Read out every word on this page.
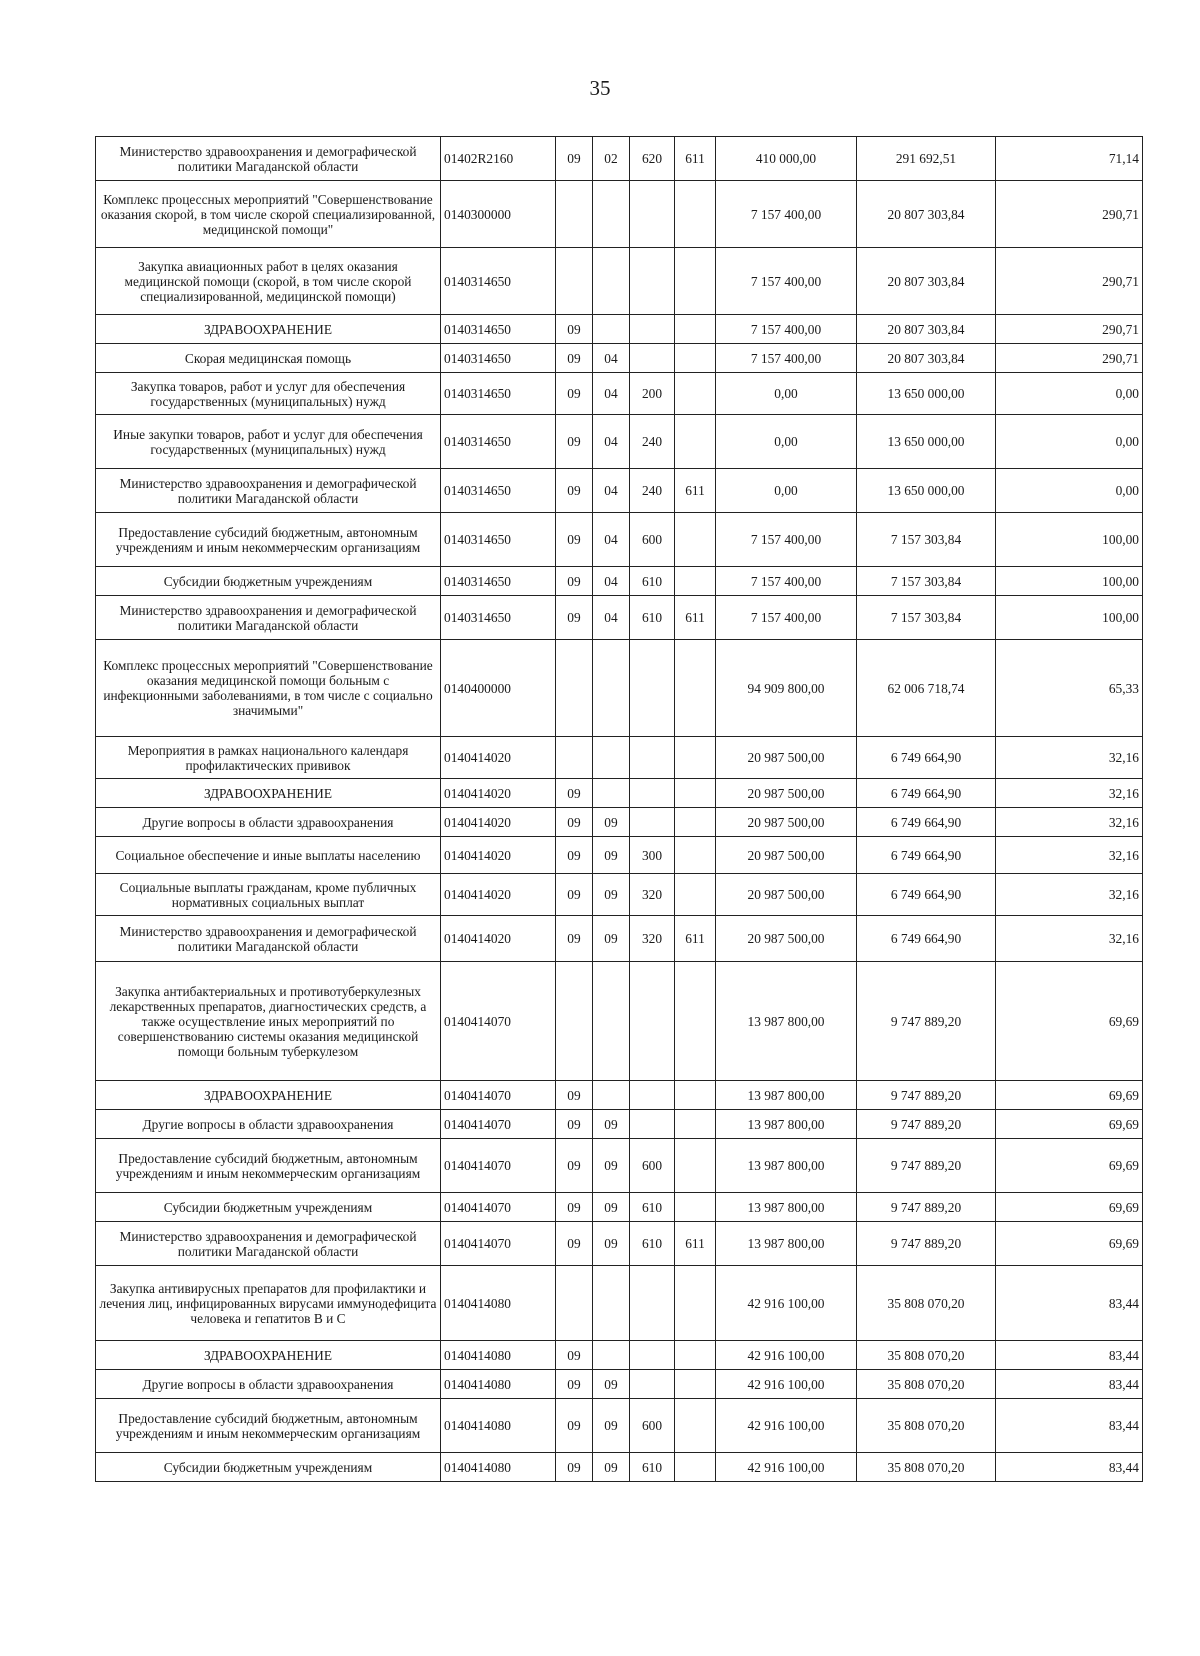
35
Министерство здравоохранения и демографической политики Магаданской области	01402R2160	09	02	620	611	410 000,00	291 692,51	71,14
Комплекс процессных мероприятий "Совершенствование оказания скорой, в том числе скорой специализированной, медицинской помощи"	0140300000					7 157 400,00	20 807 303,84	290,71
Закупка авиационных работ в целях оказания медицинской помощи (скорой, в том числе скорой специализированной, медицинской помощи)	0140314650					7 157 400,00	20 807 303,84	290,71
ЗДРАВООХРАНЕНИЕ	0140314650	09				7 157 400,00	20 807 303,84	290,71
Скорая медицинская помощь	0140314650	09	04			7 157 400,00	20 807 303,84	290,71
Закупка товаров, работ и услуг для обеспечения государственных (муниципальных) нужд	0140314650	09	04	200		0,00	13 650 000,00	0,00
Иные закупки товаров, работ и услуг для обеспечения государственных (муниципальных) нужд	0140314650	09	04	240		0,00	13 650 000,00	0,00
Министерство здравоохранения и демографической политики Магаданской области	0140314650	09	04	240	611	0,00	13 650 000,00	0,00
Предоставление субсидий бюджетным, автономным учреждениям и иным некоммерческим организациям	0140314650	09	04	600		7 157 400,00	7 157 303,84	100,00
Субсидии бюджетным учреждениям	0140314650	09	04	610		7 157 400,00	7 157 303,84	100,00
Министерство здравоохранения и демографической политики Магаданской области	0140314650	09	04	610	611	7 157 400,00	7 157 303,84	100,00
Комплекс процессных мероприятий "Совершенствование оказания медицинской помощи больным с инфекционными заболеваниями, в том числе с социально значимыми"	0140400000					94 909 800,00	62 006 718,74	65,33
Мероприятия в рамках национального календаря профилактических прививок	0140414020					20 987 500,00	6 749 664,90	32,16
ЗДРАВООХРАНЕНИЕ	0140414020	09				20 987 500,00	6 749 664,90	32,16
Другие вопросы в области здравоохранения	0140414020	09	09			20 987 500,00	6 749 664,90	32,16
Социальное обеспечение и иные выплаты населению	0140414020	09	09	300		20 987 500,00	6 749 664,90	32,16
Социальные выплаты гражданам, кроме публичных нормативных социальных выплат	0140414020	09	09	320		20 987 500,00	6 749 664,90	32,16
Министерство здравоохранения и демографической политики Магаданской области	0140414020	09	09	320	611	20 987 500,00	6 749 664,90	32,16
Закупка антибактериальных и противотуберкулезных лекарственных препаратов, диагностических средств, а также осуществление иных мероприятий по совершенствованию системы оказания медицинской помощи больным туберкулезом	0140414070					13 987 800,00	9 747 889,20	69,69
ЗДРАВООХРАНЕНИЕ	0140414070	09				13 987 800,00	9 747 889,20	69,69
Другие вопросы в области здравоохранения	0140414070	09	09			13 987 800,00	9 747 889,20	69,69
Предоставление субсидий бюджетным, автономным учреждениям и иным некоммерческим организациям	0140414070	09	09	600		13 987 800,00	9 747 889,20	69,69
Субсидии бюджетным учреждениям	0140414070	09	09	610		13 987 800,00	9 747 889,20	69,69
Министерство здравоохранения и демографической политики Магаданской области	0140414070	09	09	610	611	13 987 800,00	9 747 889,20	69,69
Закупка антивирусных препаратов для профилактики и лечения лиц, инфицированных вирусами иммунодефицита человека и гепатитов В и С	0140414080					42 916 100,00	35 808 070,20	83,44
ЗДРАВООХРАНЕНИЕ	0140414080	09				42 916 100,00	35 808 070,20	83,44
Другие вопросы в области здравоохранения	0140414080	09	09			42 916 100,00	35 808 070,20	83,44
Предоставление субсидий бюджетным, автономным учреждениям и иным некоммерческим организациям	0140414080	09	09	600		42 916 100,00	35 808 070,20	83,44
Субсидии бюджетным учреждениям	0140414080	09	09	610		42 916 100,00	35 808 070,20	83,44
